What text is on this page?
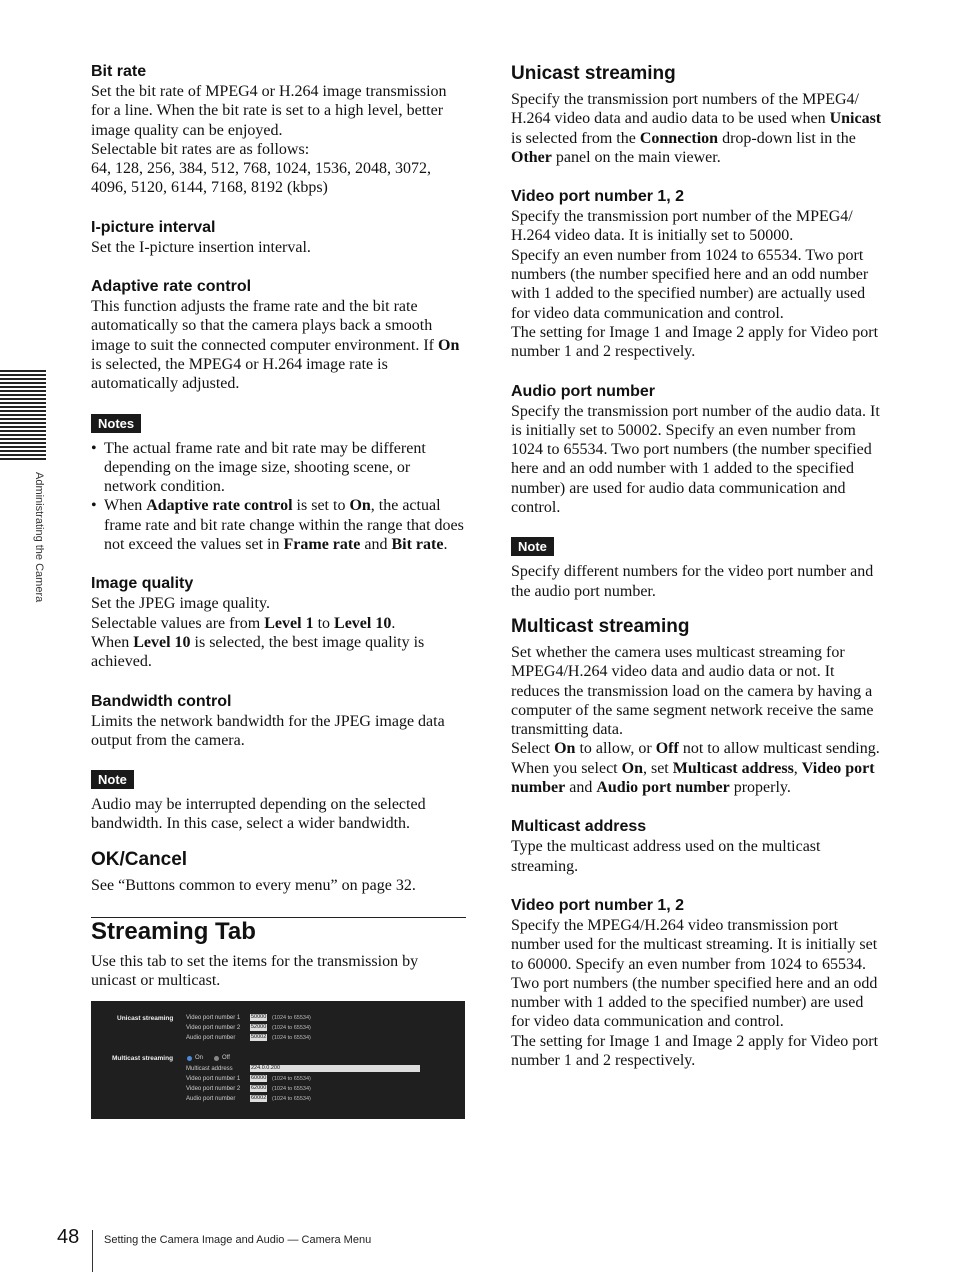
Administrating the Camera
Bit rate

Set the bit rate of MPEG4 or H.264 image transmission for a line. When the bit rate is set to a high level, better image quality can be enjoyed.

Selectable bit rates are as follows:

64, 128, 256, 384, 512, 768, 1024, 1536, 2048, 3072, 4096, 5120, 6144, 7168, 8192 (kbps)

I-picture interval

Set the I-picture insertion interval.

Adaptive rate control

This function adjusts the frame rate and the bit rate automatically so that the camera plays back a smooth image to suit the connected computer environment. If On is selected, the MPEG4 or H.264 image rate is automatically adjusted.

Notes
• The actual frame rate and bit rate may be different depending on the image size, shooting scene, or network condition.
• When Adaptive rate control is set to On, the actual frame rate and bit rate change within the range that does not exceed the values set in Frame rate and Bit rate.
Image quality

Set the JPEG image quality.

Selectable values are from Level 1 to Level 10.

When Level 10 is selected, the best image quality is achieved.

Bandwidth control

Limits the network bandwidth for the JPEG image data output from the camera.

Note

Audio may be interrupted depending on the selected bandwidth. In this case, select a wider bandwidth.

OK/Cancel

See “Buttons common to every menu” on page 32.

Streaming Tab

Use this tab to set the items for the transmission by unicast or multicast.

Unicast streaming Video port number 1 50000 (1024 to 65534)
Video port number 2 52000 (1024 to 65534)
Audio port number	50002 (1024 to 65534)
Multicast streaming	On	Off
Multicast address	224.0.0.200
Video port number 1 60000 (1024 to 65534)
Video port number 2 62000 (1024 to 65534)
Audio port number	60002 (1024 to 65534)
Unicast streaming

Specify the transmission port numbers of the MPEG4/ H.264 video data and audio data to be used when Unicast is selected from the Connection drop-down list in the Other panel on the main viewer.

Video port number 1, 2

Specify the transmission port number of the MPEG4/ H.264 video data. It is initially set to 50000.

Specify an even number from 1024 to 65534. Two port numbers (the number specified here and an odd number with 1 added to the specified number) are actually used for video data communication and control.

The setting for Image 1 and Image 2 apply for Video port number 1 and 2 respectively.

Audio port number

Specify the transmission port number of the audio data. It is initially set to 50002. Specify an even number from 1024 to 65534. Two port numbers (the number specified here and an odd number with 1 added to the specified number) are used for audio data communication and control.

Note

Specify different numbers for the video port number and the audio port number.

Multicast streaming

Set whether the camera uses multicast streaming for MPEG4/H.264 video data and audio data or not. It reduces the transmission load on the camera by having a computer of the same segment network receive the same transmitting data.

Select On to allow, or Off not to allow multicast sending.

When you select On, set Multicast address, Video port number and Audio port number properly.

Multicast address

Type the multicast address used on the multicast streaming.

Video port number 1, 2

Specify the MPEG4/H.264 video transmission port number used for the multicast streaming. It is initially set to 60000. Specify an even number from 1024 to 65534. Two port numbers (the number specified here and an odd number with 1 added to the specified number) are used for video data communication and control.

The setting for Image 1 and Image 2 apply for Video port number 1 and 2 respectively.

48 Setting the Camera Image and Audio — Camera Menu
